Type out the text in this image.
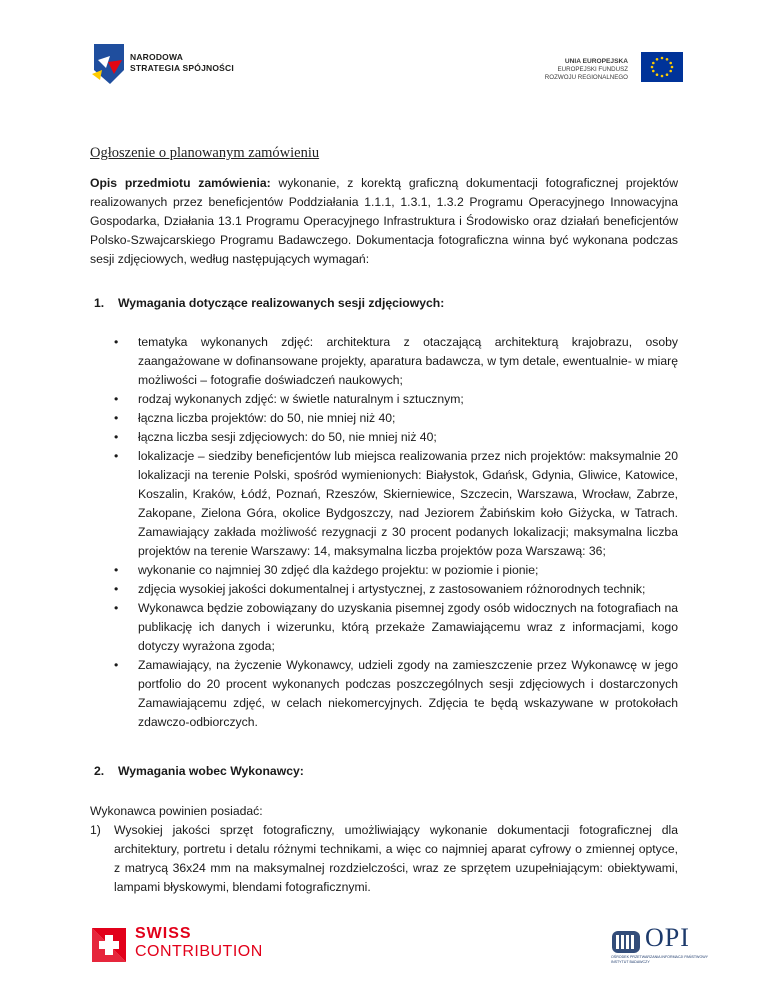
NARODOWA
STRATEGIA SPÓJNOŚCI
UNIA EUROPEJSKA
EUROPEJSKI FUNDUSZ
ROZWOJU REGIONALNEGO
Ogłoszenie o planowanym zamówieniu
Opis przedmiotu zamówienia: wykonanie, z korektą graficzną dokumentacji fotograficznej projektów realizowanych przez beneficjentów Poddziałania 1.1.1, 1.3.1, 1.3.2 Programu Operacyjnego Innowacyjna Gospodarka, Działania 13.1 Programu Operacyjnego Infrastruktura i Środowisko oraz działań beneficjentów Polsko-Szwajcarskiego Programu Badawczego. Dokumentacja fotograficzna winna być wykonana podczas sesji zdjęciowych, według następujących wymagań:
1. Wymagania dotyczące realizowanych sesji zdjęciowych:
• tematyka wykonanych zdjęć: architektura z otaczającą architekturą krajobrazu, osoby zaangażowane w dofinansowane projekty, aparatura badawcza, w tym detale, ewentualnie- w miarę możliwości – fotografie doświadczeń naukowych;
• rodzaj wykonanych zdjęć: w świetle naturalnym i sztucznym;
• łączna liczba projektów: do 50, nie mniej niż 40;
• łączna liczba sesji zdjęciowych: do 50, nie mniej niż 40;
• lokalizacje – siedziby beneficjentów lub miejsca realizowania przez nich projektów: maksymalnie 20 lokalizacji na terenie Polski, spośród wymienionych: Białystok, Gdańsk, Gdynia, Gliwice, Katowice, Koszalin, Kraków, Łódź, Poznań, Rzeszów, Skierniewice, Szczecin, Warszawa, Wrocław, Zabrze, Zakopane, Zielona Góra, okolice Bydgoszczy, nad Jeziorem Żabińskim koło Giżycka, w Tatrach. Zamawiający zakłada możliwość rezygnacji z 30 procent podanych lokalizacji; maksymalna liczba projektów na terenie Warszawy: 14, maksymalna liczba projektów poza Warszawą: 36;
• wykonanie co najmniej 30 zdjęć dla każdego projektu: w poziomie i pionie;
• zdjęcia wysokiej jakości dokumentalnej i artystycznej, z zastosowaniem różnorodnych technik;
• Wykonawca będzie zobowiązany do uzyskania pisemnej zgody osób widocznych na fotografiach na publikację ich danych i wizerunku, którą przekaże Zamawiającemu wraz z informacjami, kogo dotyczy wyrażona zgoda;
• Zamawiający, na życzenie Wykonawcy, udzieli zgody na zamieszczenie przez Wykonawcę w jego portfolio do 20 procent wykonanych podczas poszczególnych sesji zdjęciowych i dostarczonych Zamawiającemu zdjęć, w celach niekomercyjnych. Zdjęcia te będą wskazywane w protokołach zdawczo-odbiorczych.
2. Wymagania wobec Wykonawcy:
Wykonawca powinien posiadać:
1) Wysokiej jakości sprzęt fotograficzny, umożliwiający wykonanie dokumentacji fotograficznej dla architektury, portretu i detalu różnymi technikami, a więc co najmniej aparat cyfrowy o zmiennej optyce, z matrycą 36x24 mm na maksymalnej rozdzielczości, wraz ze sprzętem uzupełniającym: obiektywami, lampami błyskowymi, blendami fotograficznymi.
SWISS
CONTRIBUTION	OPI
OŚRODEK PRZETWARZANIA INFORMACJI PAŃSTWOWY INSTYTUT BADAWCZY
